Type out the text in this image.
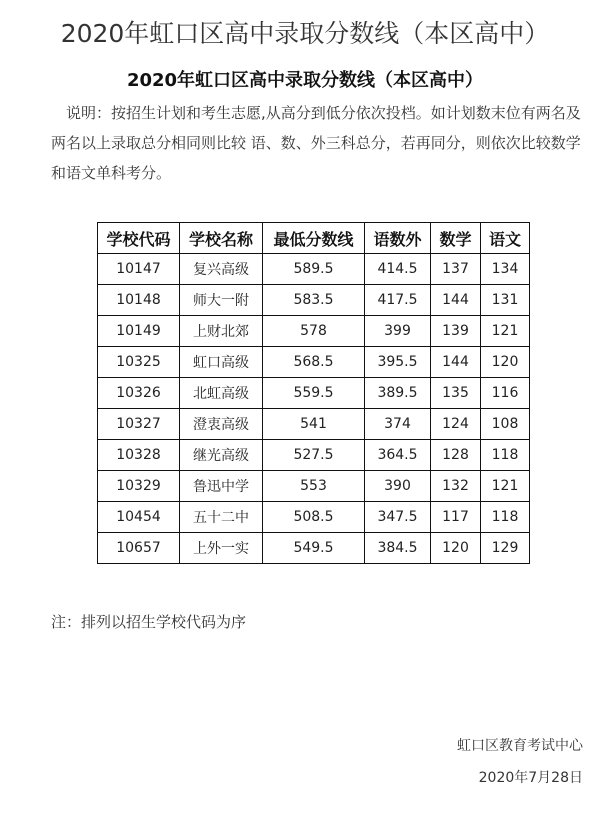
2020年虹口区高中录取分数线（本区高中）
2020年虹口区高中录取分数线（本区高中）
说明：按招生计划和考生志愿,从高分到低分依次投档。如计划数末位有两名及两名以上录取总分相同则比较 语、数、外三科总分，若再同分，则依次比较数学和语文单科考分。
学校代码	学校名称	最低分数线	语数外	数学	语文
10147	复兴高级	589.5	414.5	137	134
10148	师大一附	583.5	417.5	144	131
10149	上财北郊	578	399	139	121
10325	虹口高级	568.5	395.5	144	120
10326	北虹高级	559.5	389.5	135	116
10327	澄衷高级	541	374	124	108
10328	继光高级	527.5	364.5	128	118
10329	鲁迅中学	553	390	132	121
10454	五十二中	508.5	347.5	117	118
10657	上外一实	549.5	384.5	120	129
注：排列以招生学校代码为序
虹口区教育考试中心
2020年7月28日
